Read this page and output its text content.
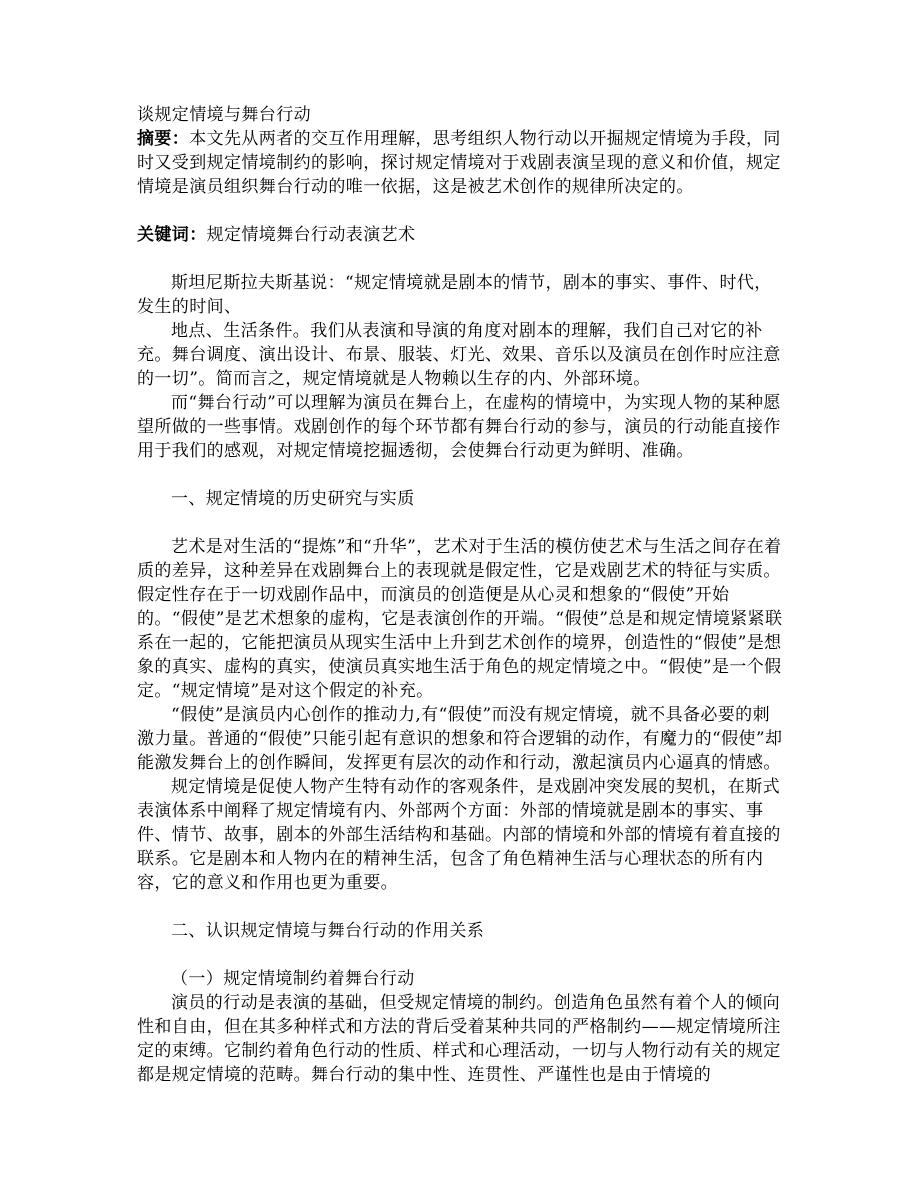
谈规定情境与舞台行动

摘要：本文先从两者的交互作用理解，思考组织人物行动以开掘规定情境为手段，同时又受到规定情境制约的影响，探讨规定情境对于戏剧表演呈现的意义和价值，规定情境是演员组织舞台行动的唯一依据，这是被艺术创作的规律所决定的。

关键词：规定情境舞台行动表演艺术

斯坦尼斯拉夫斯基说：“规定情境就是剧本的情节，剧本的事实、事件、时代，发生的时间、

地点、生活条件。我们从表演和导演的角度对剧本的理解，我们自己对它的补充。舞台调度、演出设计、布景、服装、灯光、效果、音乐以及演员在创作时应注意的一切”。简而言之，规定情境就是人物赖以生存的内、外部环境。

而“舞台行动”可以理解为演员在舞台上，在虚构的情境中，为实现人物的某种愿望所做的一些事情。戏剧创作的每个环节都有舞台行动的参与，演员的行动能直接作用于我们的感观，对规定情境挖掘透彻，会使舞台行动更为鲜明、准确。

一、规定情境的历史研究与实质

艺术是对生活的“提炼”和“升华”，艺术对于生活的模仿使艺术与生活之间存在着质的差异，这种差异在戏剧舞台上的表现就是假定性，它是戏剧艺术的特征与实质。假定性存在于一切戏剧作品中，而演员的创造便是从心灵和想象的“假使”开始的。“假使”是艺术想象的虚构，它是表演创作的开端。“假使”总是和规定情境紧紧联系在一起的，它能把演员从现实生活中上升到艺术创作的境界，创造性的“假使”是想象的真实、虚构的真实，使演员真实地生活于角色的规定情境之中。“假使”是一个假定。“规定情境”是对这个假定的补充。

“假使”是演员内心创作的推动力,有“假使”而没有规定情境，就不具备必要的刺激力量。普通的“假使”只能引起有意识的想象和符合逻辑的动作，有魔力的“假使”却能激发舞台上的创作瞬间，发挥更有层次的动作和行动，激起演员内心逼真的情感。

规定情境是促使人物产生特有动作的客观条件，是戏剧冲突发展的契机，在斯式表演体系中阐释了规定情境有内、外部两个方面：外部的情境就是剧本的事实、事件、情节、故事，剧本的外部生活结构和基础。内部的情境和外部的情境有着直接的联系。它是剧本和人物内在的精神生活，包含了角色精神生活与心理状态的所有内容，它的意义和作用也更为重要。

二、认识规定情境与舞台行动的作用关系

（一）规定情境制约着舞台行动

演员的行动是表演的基础，但受规定情境的制约。创造角色虽然有着个人的倾向性和自由，但在其多种样式和方法的背后受着某种共同的严格制约——规定情境所注定的束缚。它制约着角色行动的性质、样式和心理活动，一切与人物行动有关的规定都是规定情境的范畴。舞台行动的集中性、连贯性、严谨性也是由于情境的
